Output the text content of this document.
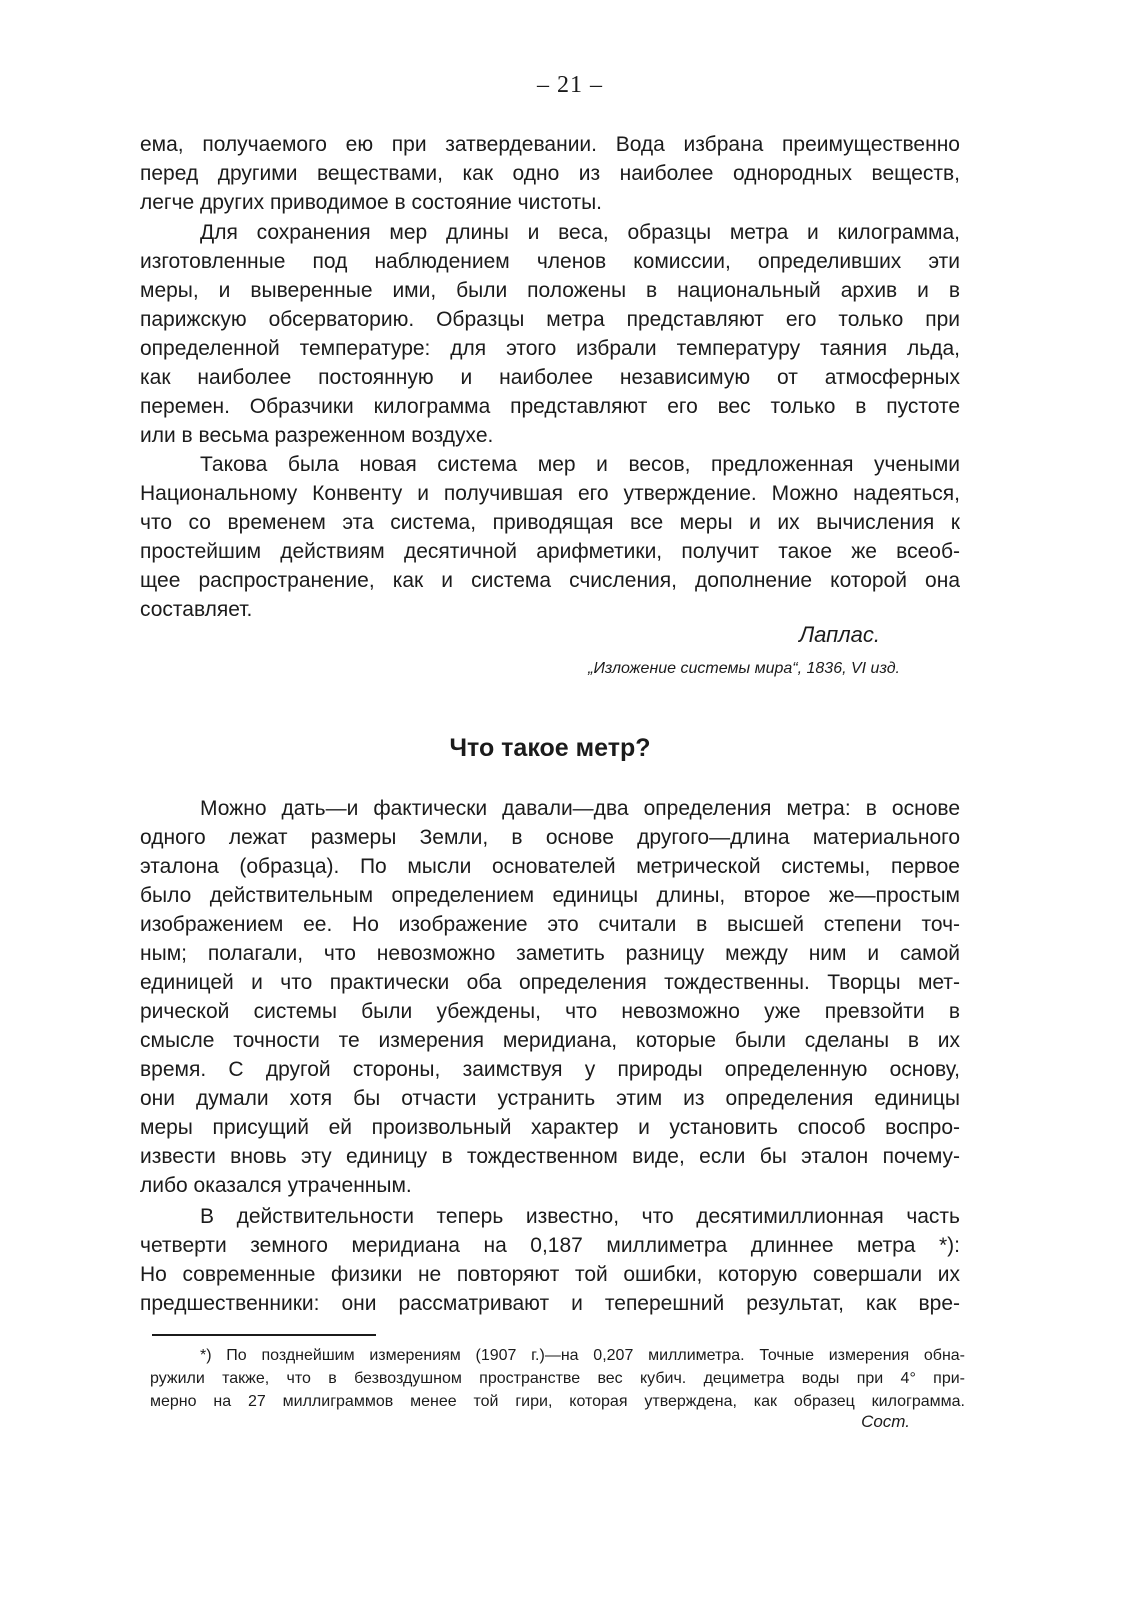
– 21 –
ема, получаемого ею при затвердевании. Вода избрана преимущественно
перед другими веществами, как одно из наиболее однородных веществ,
легче других приводимое в состояние чистоты.
Для сохранения мер длины и веса, образцы метра и килограмма,
изготовленные под наблюдением членов комиссии, определивших эти
меры, и выверенные ими, были положены в национальный архив и в
парижскую обсерваторию. Образцы метра представляют его только при
определенной температуре: для этого избрали температуру таяния льда,
как наиболее постоянную и наиболее независимую от атмосферных
перемен. Образчики килограмма представляют его вес только в пустоте
или в весьма разреженном воздухе.
Такова была новая система мер и весов, предложенная учеными
Национальному Конвенту и получившая его утверждение. Можно надеяться,
что со временем эта система, приводящая все меры и их вычисления к
простейшим действиям десятичной арифметики, получит такое же всеоб-
щее распространение, как и система счисления, дополнение которой она
составляет.
Лаплас.
„Изложение системы мира“, 1836, VI изд.
Что такое метр?
Можно дать—и фактически давали—два определения метра: в основе
одного лежат размеры Земли, в основе другого—длина материального
эталона (образца). По мысли основателей метрической системы, первое
было действительным определением единицы длины, второе же—простым
изображением ее. Но изображение это считали в высшей степени точ-
ным; полагали, что невозможно заметить разницу между ним и самой
единицей и что практически оба определения тождественны. Творцы мет-
рической системы были убеждены, что невозможно уже превзойти в
смысле точности те измерения меридиана, которые были сделаны в их
время. С другой стороны, заимствуя у природы определенную основу,
они думали хотя бы отчасти устранить этим из определения единицы
меры присущий ей произвольный характер и установить способ воспро-
извести вновь эту единицу в тождественном виде, если бы эталон почему-
либо оказался утраченным.
В действительности теперь известно, что десятимиллионная часть
четверти земного меридиана на 0,187 миллиметра длиннее метра *):
Но современные физики не повторяют той ошибки, которую совершали их
предшественники: они рассматривают и теперешний результат, как вре-
*) По позднейшим измерениям (1907 г.)—на 0,207 миллиметра. Точные измерения обна-
ружили также, что в безвоздушном пространстве вес кубич. дециметра воды при 4° при-
мерно на 27 миллиграммов менее той гири, которая утверждена, как образец килограмма.
Сост.
